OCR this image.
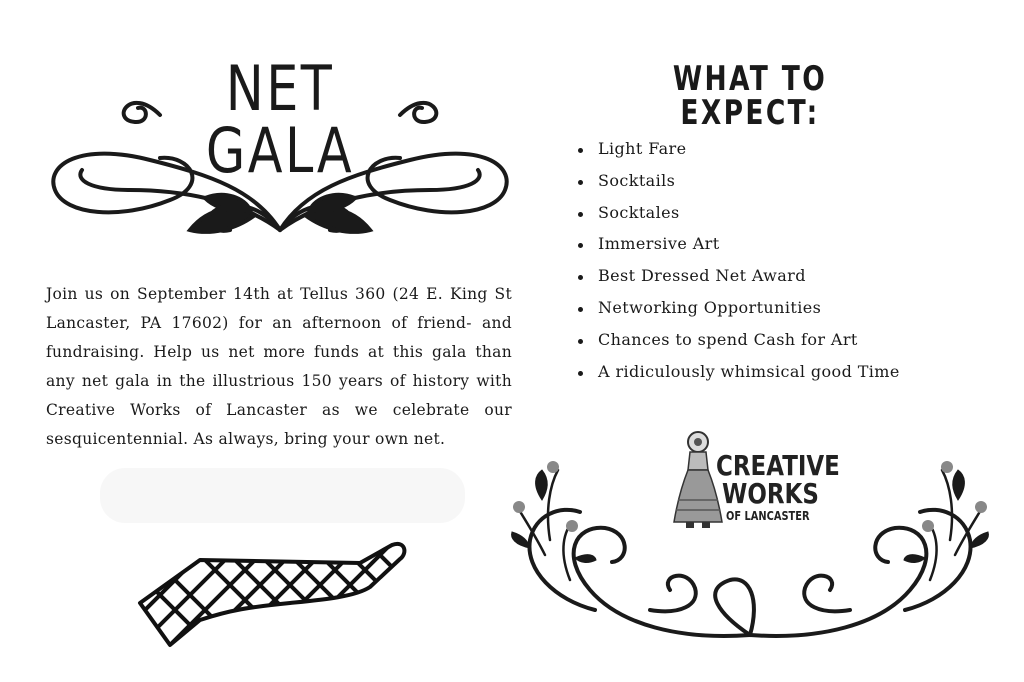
NET GALA

Join us on September 14th at Tellus 360 (24 E. King St Lancaster, PA 17602) for an afternoon of friend- and fundraising. Help us net more funds at this gala than any net gala in the illustrious 150 years of history with Creative Works of Lancaster as we celebrate our sesquicentennial. As always, bring your own net.

WHAT TO EXPECT:
Light Fare
Socktails
Socktales
Immersive Art
Best Dressed Net Award
Networking Opportunities
Chances to spend Cash for Art
A ridiculously whimsical good Time
CREATIVE
WORKS
OF LANCASTER
